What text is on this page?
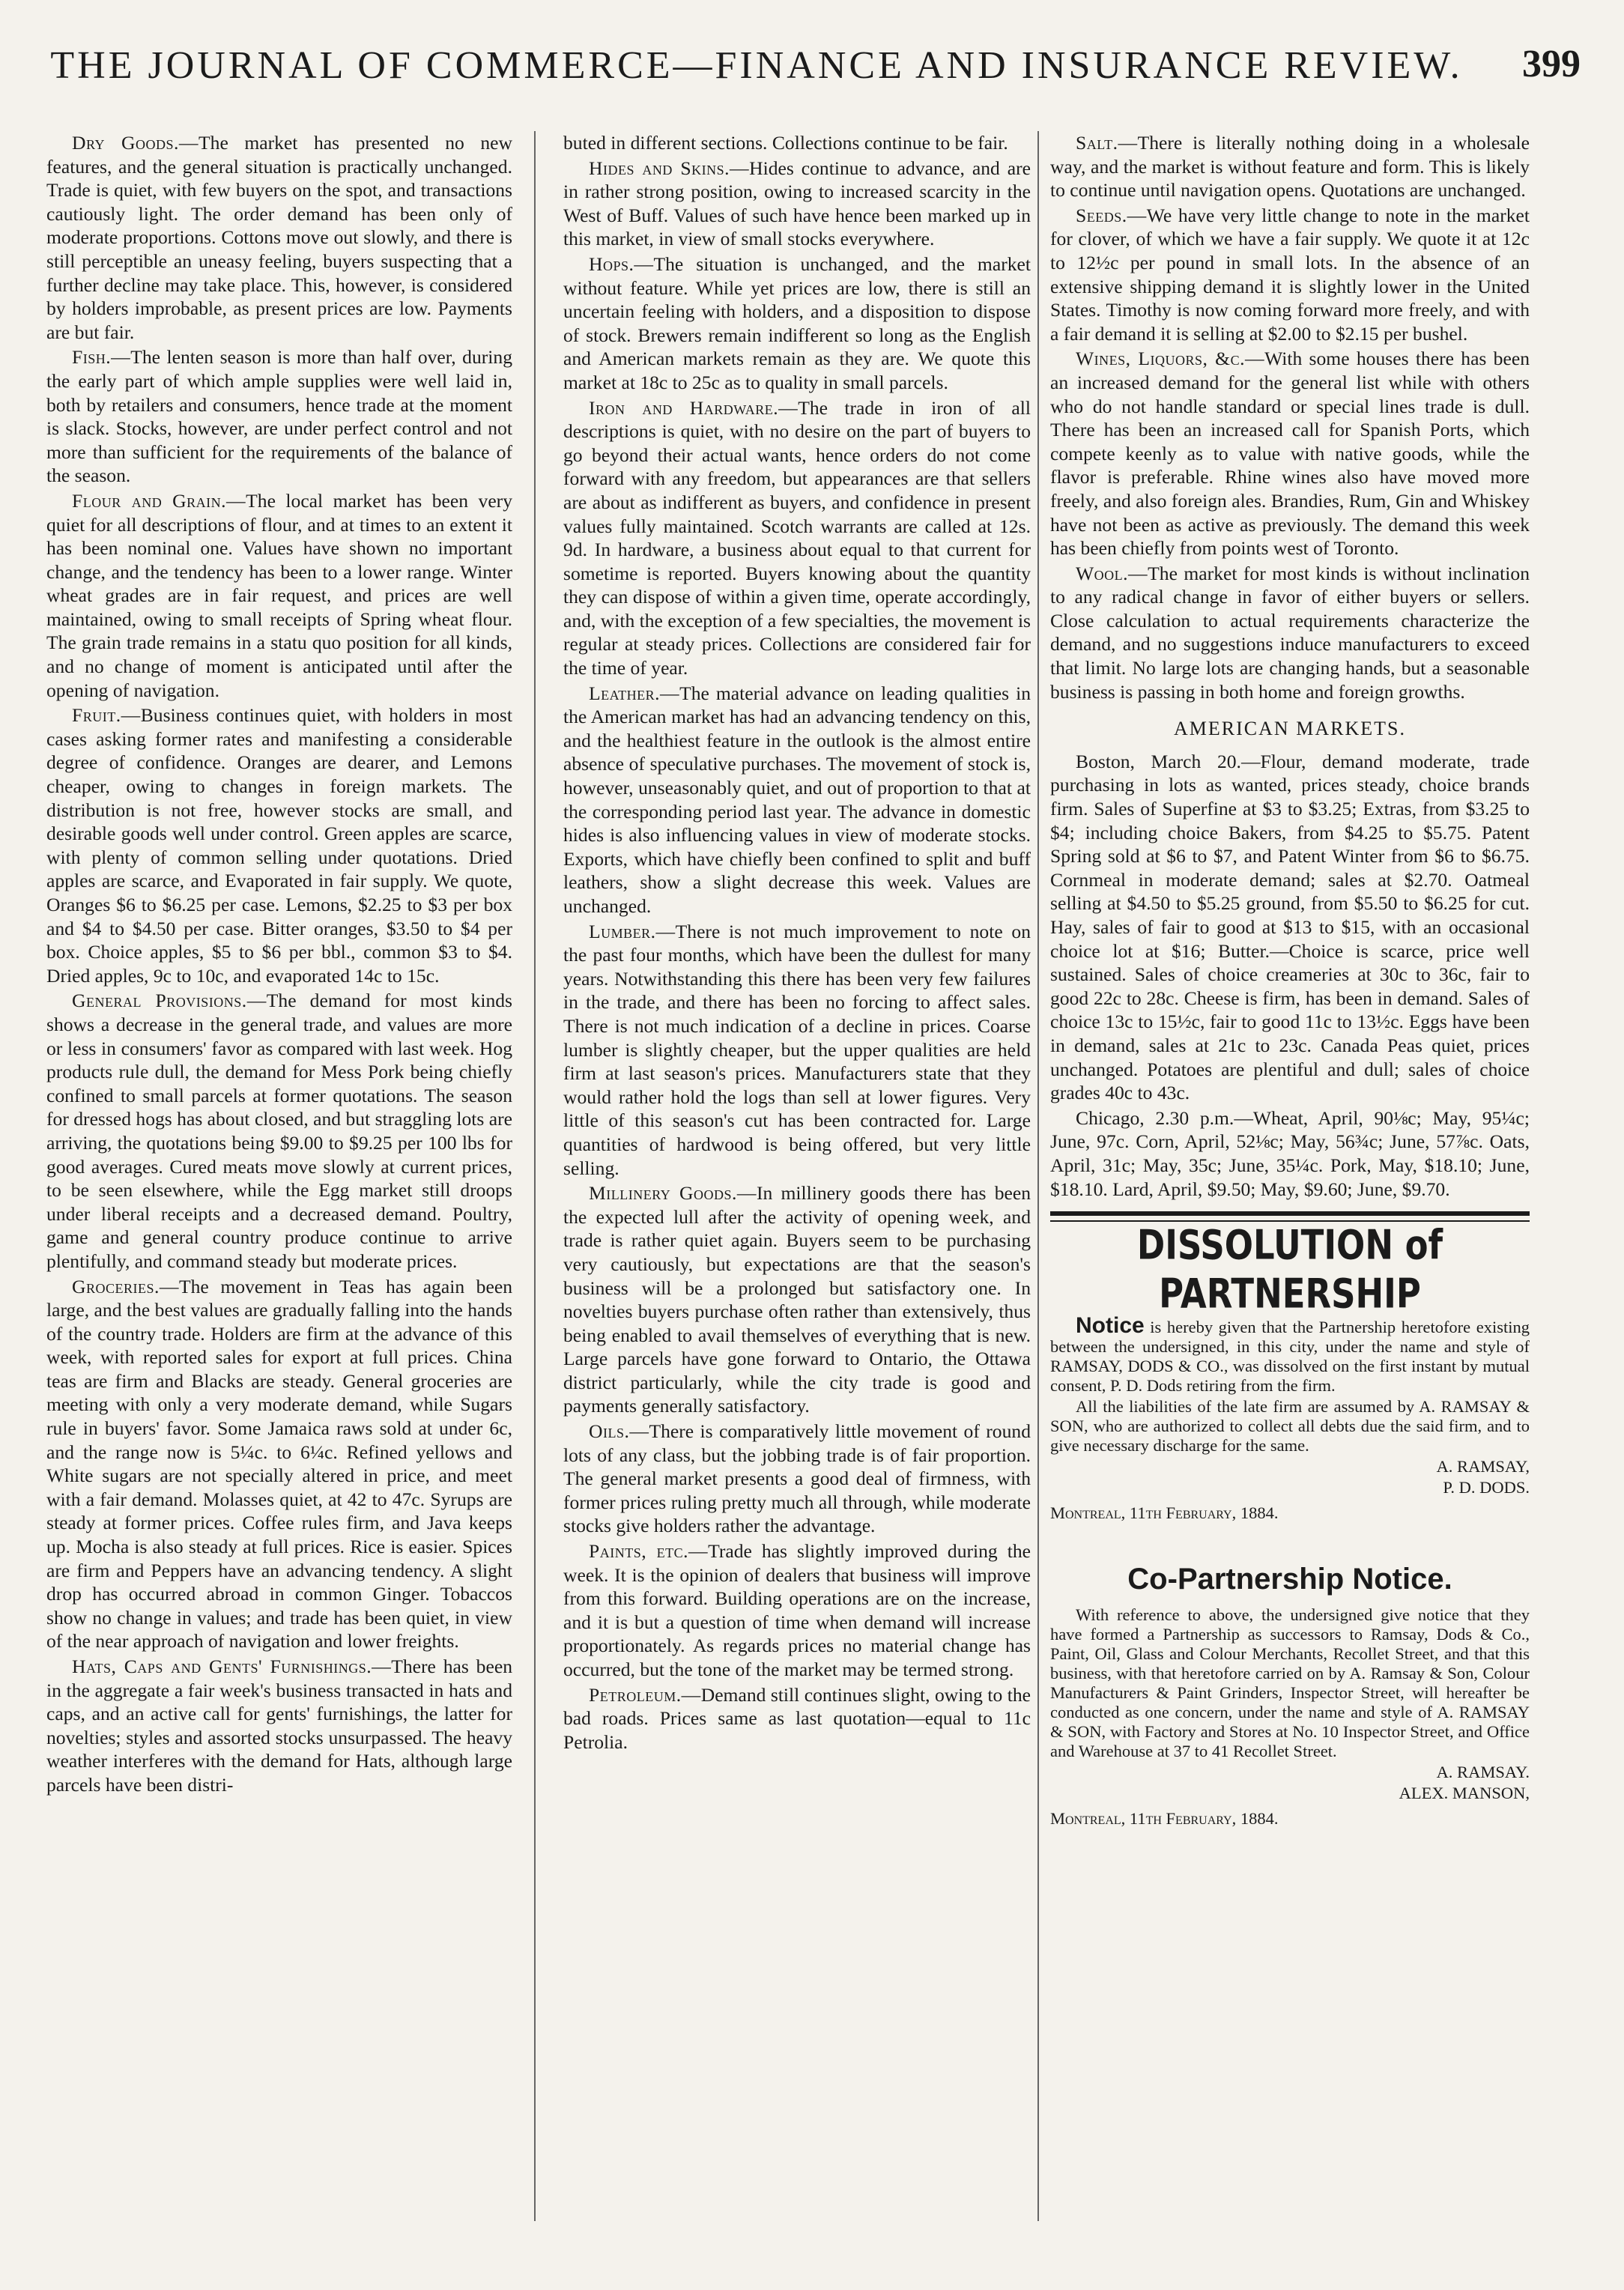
THE JOURNAL OF COMMERCE—FINANCE AND INSURANCE REVIEW. 399

Dry Goods.—The market has presented no new features, and the general situation is practically unchanged. Trade is quiet, with few buyers on the spot, and transactions cautiously light. The order demand has been only of moderate proportions. Cottons move out slowly, and there is still perceptible an uneasy feeling, buyers suspecting that a further decline may take place. This, however, is considered by holders improbable, as present prices are low. Payments are but fair.

Fish.—The lenten season is more than half over, during the early part of which ample supplies were well laid in, both by retailers and consumers, hence trade at the moment is slack. Stocks, however, are under perfect control and not more than sufficient for the requirements of the balance of the season.

Flour and Grain.—The local market has been very quiet for all descriptions of flour, and at times to an extent it has been nominal one. Values have shown no important change, and the tendency has been to a lower range. Winter wheat grades are in fair request, and prices are well maintained, owing to small receipts of Spring wheat flour. The grain trade remains in a statu quo position for all kinds, and no change of moment is anticipated until after the opening of navigation.

Fruit.—Business continues quiet, with holders in most cases asking former rates and manifesting a considerable degree of confidence. Oranges are dearer, and Lemons cheaper, owing to changes in foreign markets. The distribution is not free, however stocks are small, and desirable goods well under control. Green apples are scarce, with plenty of common selling under quotations. Dried apples are scarce, and Evaporated in fair supply. We quote, Oranges $6 to $6.25 per case. Lemons, $2.25 to $3 per box and $4 to $4.50 per case. Bitter oranges, $3.50 to $4 per box. Choice apples, $5 to $6 per bbl., common $3 to $4. Dried apples, 9c to 10c, and evaporated 14c to 15c.

General Provisions.—The demand for most kinds shows a decrease in the general trade, and values are more or less in consumers' favor as compared with last week. Hog products rule dull, the demand for Mess Pork being chiefly confined to small parcels at former quotations. The season for dressed hogs has about closed, and but straggling lots are arriving, the quotations being $9.00 to $9.25 per 100 lbs for good averages. Cured meats move slowly at current prices, to be seen elsewhere, while the Egg market still droops under liberal receipts and a decreased demand. Poultry, game and general country produce continue to arrive plentifully, and command steady but moderate prices.

Groceries.—The movement in Teas has again been large, and the best values are gradually falling into the hands of the country trade. Holders are firm at the advance of this week, with reported sales for export at full prices. China teas are firm and Blacks are steady. General groceries are meeting with only a very moderate demand, while Sugars rule in buyers' favor. Some Jamaica raws sold at under 6c, and the range now is 5¼c. to 6¼c. Refined yellows and White sugars are not specially altered in price, and meet with a fair demand. Molasses quiet, at 42 to 47c. Syrups are steady at former prices. Coffee rules firm, and Java keeps up. Mocha is also steady at full prices. Rice is easier. Spices are firm and Peppers have an advancing tendency. A slight drop has occurred abroad in common Ginger. Tobaccos show no change in values; and trade has been quiet, in view of the near approach of navigation and lower freights.

Hats, Caps and Gents' Furnishings.—There has been in the aggregate a fair week's business transacted in hats and caps, and an active call for gents' furnishings, the latter for novelties; styles and assorted stocks unsurpassed. The heavy weather interferes with the demand for Hats, although large parcels have been distri-

buted in different sections. Collections continue to be fair.

Hides and Skins.—Hides continue to advance, and are in rather strong position, owing to increased scarcity in the West of Buff. Values of such have hence been marked up in this market, in view of small stocks everywhere.

Hops.—The situation is unchanged, and the market without feature. While yet prices are low, there is still an uncertain feeling with holders, and a disposition to dispose of stock. Brewers remain indifferent so long as the English and American markets remain as they are. We quote this market at 18c to 25c as to quality in small parcels.

Iron and Hardware.—The trade in iron of all descriptions is quiet, with no desire on the part of buyers to go beyond their actual wants, hence orders do not come forward with any freedom, but appearances are that sellers are about as indifferent as buyers, and confidence in present values fully maintained. Scotch warrants are called at 12s. 9d. In hardware, a business about equal to that current for sometime is reported. Buyers knowing about the quantity they can dispose of within a given time, operate accordingly, and, with the exception of a few specialties, the movement is regular at steady prices. Collections are considered fair for the time of year.

Leather.—The material advance on leading qualities in the American market has had an advancing tendency on this, and the healthiest feature in the outlook is the almost entire absence of speculative purchases. The movement of stock is, however, unseasonably quiet, and out of proportion to that at the corresponding period last year. The advance in domestic hides is also influencing values in view of moderate stocks. Exports, which have chiefly been confined to split and buff leathers, show a slight decrease this week. Values are unchanged.

Lumber.—There is not much improvement to note on the past four months, which have been the dullest for many years. Notwithstanding this there has been very few failures in the trade, and there has been no forcing to affect sales. There is not much indication of a decline in prices. Coarse lumber is slightly cheaper, but the upper qualities are held firm at last season's prices. Manufacturers state that they would rather hold the logs than sell at lower figures. Very little of this season's cut has been contracted for. Large quantities of hardwood is being offered, but very little selling.

Millinery Goods.—In millinery goods there has been the expected lull after the activity of opening week, and trade is rather quiet again. Buyers seem to be purchasing very cautiously, but expectations are that the season's business will be a prolonged but satisfactory one. In novelties buyers purchase often rather than extensively, thus being enabled to avail themselves of everything that is new. Large parcels have gone forward to Ontario, the Ottawa district particularly, while the city trade is good and payments generally satisfactory.

Oils.—There is comparatively little movement of round lots of any class, but the jobbing trade is of fair proportion. The general market presents a good deal of firmness, with former prices ruling pretty much all through, while moderate stocks give holders rather the advantage.

Paints, etc.—Trade has slightly improved during the week. It is the opinion of dealers that business will improve from this forward. Building operations are on the increase, and it is but a question of time when demand will increase proportionately. As regards prices no material change has occurred, but the tone of the market may be termed strong.

Petroleum.—Demand still continues slight, owing to the bad roads. Prices same as last quotation—equal to 11c Petrolia.

Salt.—There is literally nothing doing in a wholesale way, and the market is without feature and form. This is likely to continue until navigation opens. Quotations are unchanged.

Seeds.—We have very little change to note in the market for clover, of which we have a fair supply. We quote it at 12c to 12½c per pound in small lots. In the absence of an extensive shipping demand it is slightly lower in the United States. Timothy is now coming forward more freely, and with a fair demand it is selling at $2.00 to $2.15 per bushel.

Wines, Liquors, &c.—With some houses there has been an increased demand for the general list while with others who do not handle standard or special lines trade is dull. There has been an increased call for Spanish Ports, which compete keenly as to value with native goods, while the flavor is preferable. Rhine wines also have moved more freely, and also foreign ales. Brandies, Rum, Gin and Whiskey have not been as active as previously. The demand this week has been chiefly from points west of Toronto.

Wool.—The market for most kinds is without inclination to any radical change in favor of either buyers or sellers. Close calculation to actual requirements characterize the demand, and no suggestions induce manufacturers to exceed that limit. No large lots are changing hands, but a seasonable business is passing in both home and foreign growths.

AMERICAN MARKETS.

Boston, March 20.—Flour, demand moderate, trade purchasing in lots as wanted, prices steady, choice brands firm. Sales of Superfine at $3 to $3.25; Extras, from $3.25 to $4; including choice Bakers, from $4.25 to $5.75. Patent Spring sold at $6 to $7, and Patent Winter from $6 to $6.75. Cornmeal in moderate demand; sales at $2.70. Oatmeal selling at $4.50 to $5.25 ground, from $5.50 to $6.25 for cut. Hay, sales of fair to good at $13 to $15, with an occasional choice lot at $16; Butter.—Choice is scarce, price well sustained. Sales of choice creameries at 30c to 36c, fair to good 22c to 28c. Cheese is firm, has been in demand. Sales of choice 13c to 15½c, fair to good 11c to 13½c. Eggs have been in demand, sales at 21c to 23c. Canada Peas quiet, prices unchanged. Potatoes are plentiful and dull; sales of choice grades 40c to 43c.

Chicago, 2.30 p.m.—Wheat, April, 90⅛c; May, 95¼c; June, 97c. Corn, April, 52⅛c; May, 56¾c; June, 57⅞c. Oats, April, 31c; May, 35c; June, 35¼c. Pork, May, $18.10; June, $18.10. Lard, April, $9.50; May, $9.60; June, $9.70.

DISSOLUTION of PARTNERSHIP

Notice is hereby given that the Partnership heretofore existing between the undersigned, in this city, under the name and style of RAMSAY, DODS & CO., was dissolved on the first instant by mutual consent, P. D. Dods retiring from the firm.

All the liabilities of the late firm are assumed by A. RAMSAY & SON, who are authorized to collect all debts due the said firm, and to give necessary discharge for the same.

A. RAMSAY,

P. D. DODS.

Montreal, 11th February, 1884.

Co-Partnership Notice.

With reference to above, the undersigned give notice that they have formed a Partnership as successors to Ramsay, Dods & Co., Paint, Oil, Glass and Colour Merchants, Recollet Street, and that this business, with that heretofore carried on by A. Ramsay & Son, Colour Manufacturers & Paint Grinders, Inspector Street, will hereafter be conducted as one concern, under the name and style of A. RAMSAY & SON, with Factory and Stores at No. 10 Inspector Street, and Office and Warehouse at 37 to 41 Recollet Street.

A. RAMSAY.

ALEX. MANSON,

Montreal, 11th February, 1884.
